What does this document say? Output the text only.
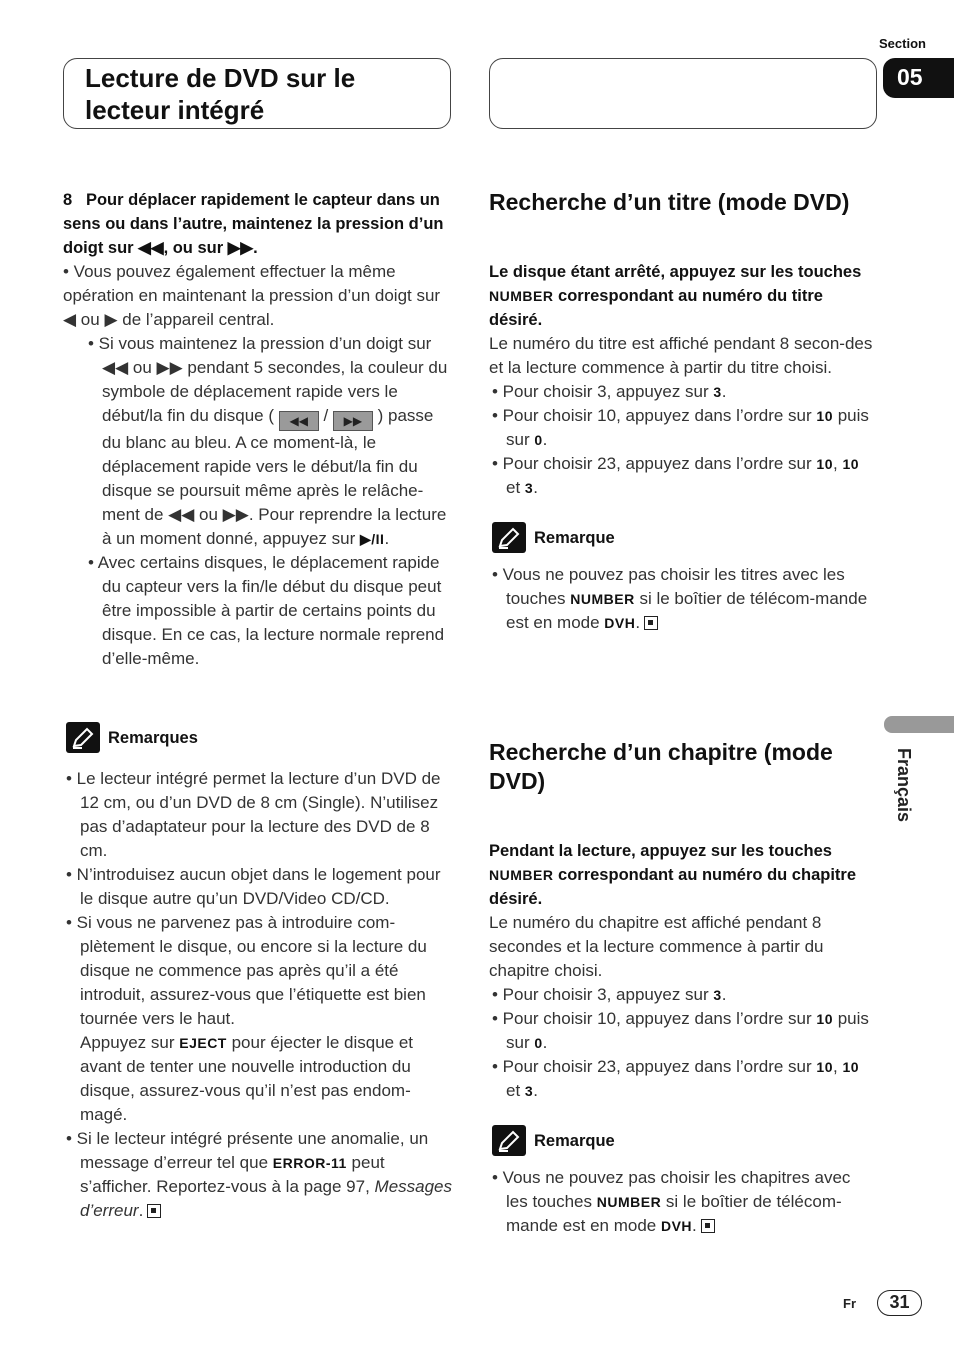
Section
05
Lecture de DVD sur le
lecteur intégré

8 Pour déplacer rapidement le capteur dans un sens ou dans l’autre, maintenez la pression d’un doigt sur ◀◀, ou sur ▶▶.

• Vous pouvez également effectuer la même opération en maintenant la pression d’un doigt sur ◀ ou ▶ de l’appareil central.

• Si vous maintenez la pression d’un doigt sur ◀◀ ou ▶▶ pendant 5 secondes, la couleur du symbole de déplacement rapide vers le début/la fin du disque ( ◀◀ / ▶▶ ) passe du blanc au bleu. A ce moment-là, le déplacement rapide vers le début/la fin du disque se poursuit même après le relâche-ment de ◀◀ ou ▶▶. Pour reprendre la lecture à un moment donné, appuyez sur ▶/II.

• Avec certains disques, le déplacement rapide du capteur vers la fin/le début du disque peut être impossible à partir de certains points du disque. En ce cas, la lecture normale reprend d’elle-même.

Remarques

• Le lecteur intégré permet la lecture d’un DVD de 12 cm, ou d’un DVD de 8 cm (Single). N’utilisez pas d’adaptateur pour la lecture des DVD de 8 cm.

• N’introduisez aucun objet dans le logement pour le disque autre qu’un DVD/Video CD/CD.

• Si vous ne parvenez pas à introduire com-plètement le disque, ou encore si la lecture du disque ne commence pas après qu’il a été introduit, assurez-vous que l’étiquette est bien tournée vers le haut.

Appuyez sur EJECT pour éjecter le disque et avant de tenter une nouvelle introduction du disque, assurez-vous qu’il n’est pas endom-magé.

• Si le lecteur intégré présente une anomalie, un message d’erreur tel que ERROR-11 peut s’afficher. Reportez-vous à la page 97, Messages d’erreur.

Recherche d’un titre (mode DVD)

Le disque étant arrêté, appuyez sur les touches NUMBER correspondant au numéro du titre désiré.

Le numéro du titre est affiché pendant 8 secon-des et la lecture commence à partir du titre choisi.

• Pour choisir 3, appuyez sur 3.

• Pour choisir 10, appuyez dans l’ordre sur 10 puis sur 0.

• Pour choisir 23, appuyez dans l’ordre sur 10, 10 et 3.

Remarque

• Vous ne pouvez pas choisir les titres avec les touches NUMBER si le boîtier de télécom-mande est en mode DVH.

Recherche d’un chapitre (mode DVD)

Pendant la lecture, appuyez sur les touches NUMBER correspondant au numéro du chapitre désiré.

Le numéro du chapitre est affiché pendant 8 secondes et la lecture commence à partir du chapitre choisi.

• Pour choisir 3, appuyez sur 3.

• Pour choisir 10, appuyez dans l’ordre sur 10 puis sur 0.

• Pour choisir 23, appuyez dans l’ordre sur 10, 10 et 3.

Remarque

• Vous ne pouvez pas choisir les chapitres avec les touches NUMBER si le boîtier de télécom-mande est en mode DVH.

Français
Fr	31
